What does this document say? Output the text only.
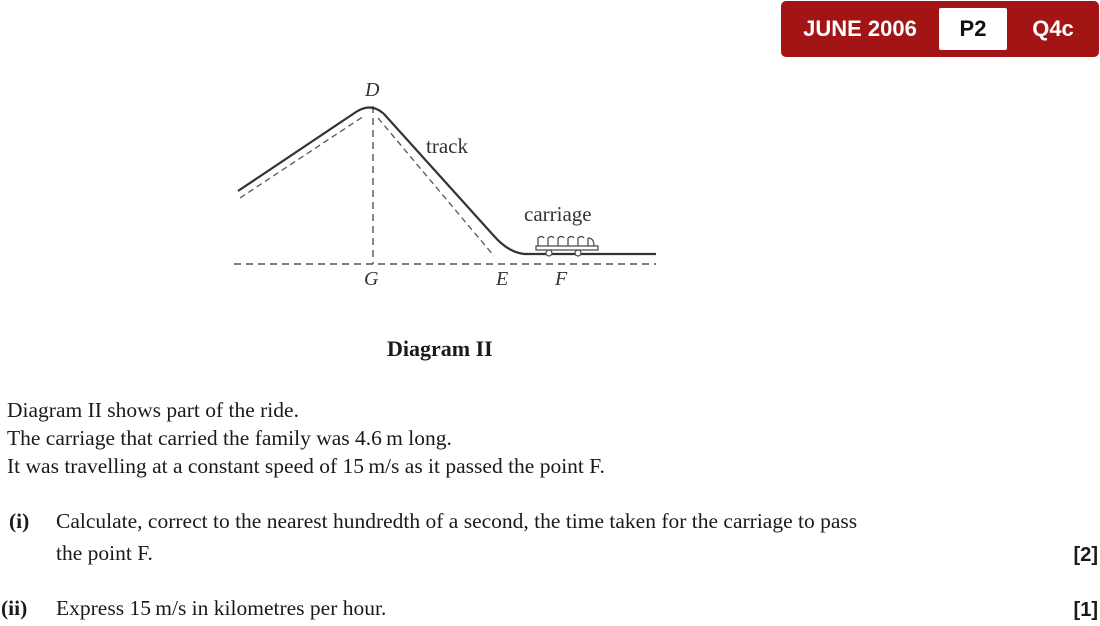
JUNE 2006	P2	Q4c
D
G	E F
track
carriage
Diagram II

Diagram II shows part of the ride.

The carriage that carried the family was 4.6 m long.

It was travelling at a constant speed of 15 m/s as it passed the point F.

(i) Calculate, correct to the nearest hundredth of a second, the time taken for the carriage to pass
the point F.	[2]
(ii) Express 15 m/s in kilometres per hour.	[1]
